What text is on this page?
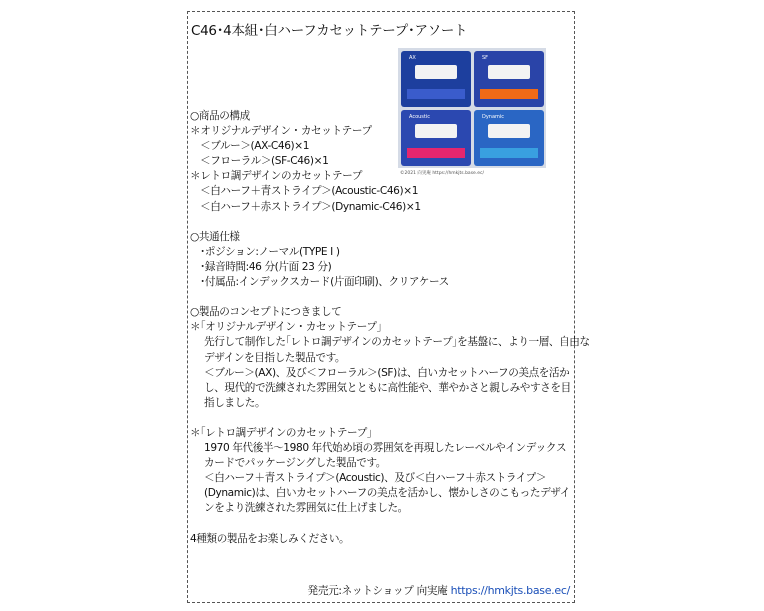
C46･4本組･白ハーフカセットテープ･アソート
AX	SF
Acoustic	Dynamic
©2021 向実庵 https://hmkjts.base.ec/
○商品の構成
＊オリジナルデザイン・カセットテープ
＜ブルー＞(AX-C46)×1
＜フローラル＞(SF-C46)×1
＊レトロ調デザインのカセットテープ
＜白ハーフ＋青ストライプ＞(Acoustic-C46)×1
＜白ハーフ＋赤ストライプ＞(Dynamic-C46)×1
○共通仕様
･ポジション:ノーマル(TYPE I )
･録音時間:46 分(片面 23 分)
･付属品:インデックスカード(片面印刷)、クリアケース
○製品のコンセプトにつきまして
＊｢オリジナルデザイン・カセットテープ｣
先行して制作した｢レトロ調デザインのカセットテープ｣を基盤に、より一層、自由な
デザインを目指した製品です。
＜ブルー＞(AX)、及び＜フローラル＞(SF)は、白いカセットハーフの美点を活か
し、現代的で洗練された雰囲気とともに高性能や、華やかさと親しみやすさを目
指しました。
＊｢レトロ調デザインのカセットテープ｣
1970 年代後半～1980 年代始め頃の雰囲気を再現したレーベルやインデックス
カードでパッケージングした製品です。
＜白ハーフ＋青ストライプ＞(Acoustic)、及び＜白ハーフ＋赤ストライプ＞
(Dynamic)は、白いカセットハーフの美点を活かし、懐かしさのこもったデザイ
ンをより洗練された雰囲気に仕上げました。
4種類の製品をお楽しみください。
発売元:ネットショップ 向実庵 https://hmkjts.base.ec/
